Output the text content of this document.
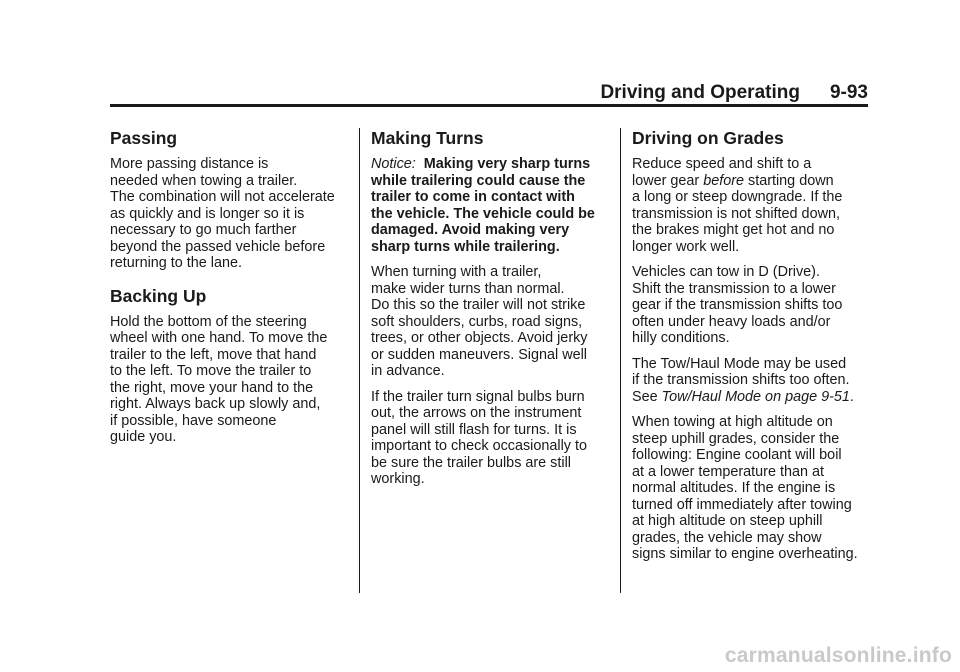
Driving and Operating 9-93
Passing

More passing distance is
needed when towing a trailer.
The combination will not accelerate
as quickly and is longer so it is
necessary to go much farther
beyond the passed vehicle before
returning to the lane.

Backing Up

Hold the bottom of the steering
wheel with one hand. To move the
trailer to the left, move that hand
to the left. To move the trailer to
the right, move your hand to the
right. Always back up slowly and,
if possible, have someone
guide you.

Making Turns

Notice: Making very sharp turns
while trailering could cause the
trailer to come in contact with
the vehicle. The vehicle could be
damaged. Avoid making very
sharp turns while trailering.

When turning with a trailer,
make wider turns than normal.
Do this so the trailer will not strike
soft shoulders, curbs, road signs,
trees, or other objects. Avoid jerky
or sudden maneuvers. Signal well
in advance.

If the trailer turn signal bulbs burn
out, the arrows on the instrument
panel will still flash for turns. It is
important to check occasionally to
be sure the trailer bulbs are still
working.

Driving on Grades

Reduce speed and shift to a
lower gear before starting down
a long or steep downgrade. If the
transmission is not shifted down,
the brakes might get hot and no
longer work well.

Vehicles can tow in D (Drive).
Shift the transmission to a lower
gear if the transmission shifts too
often under heavy loads and/or
hilly conditions.

The Tow/Haul Mode may be used
if the transmission shifts too often.
See Tow/Haul Mode on page 9-51.

When towing at high altitude on
steep uphill grades, consider the
following: Engine coolant will boil
at a lower temperature than at
normal altitudes. If the engine is
turned off immediately after towing
at high altitude on steep uphill
grades, the vehicle may show
signs similar to engine overheating.

carmanualsonline.info
